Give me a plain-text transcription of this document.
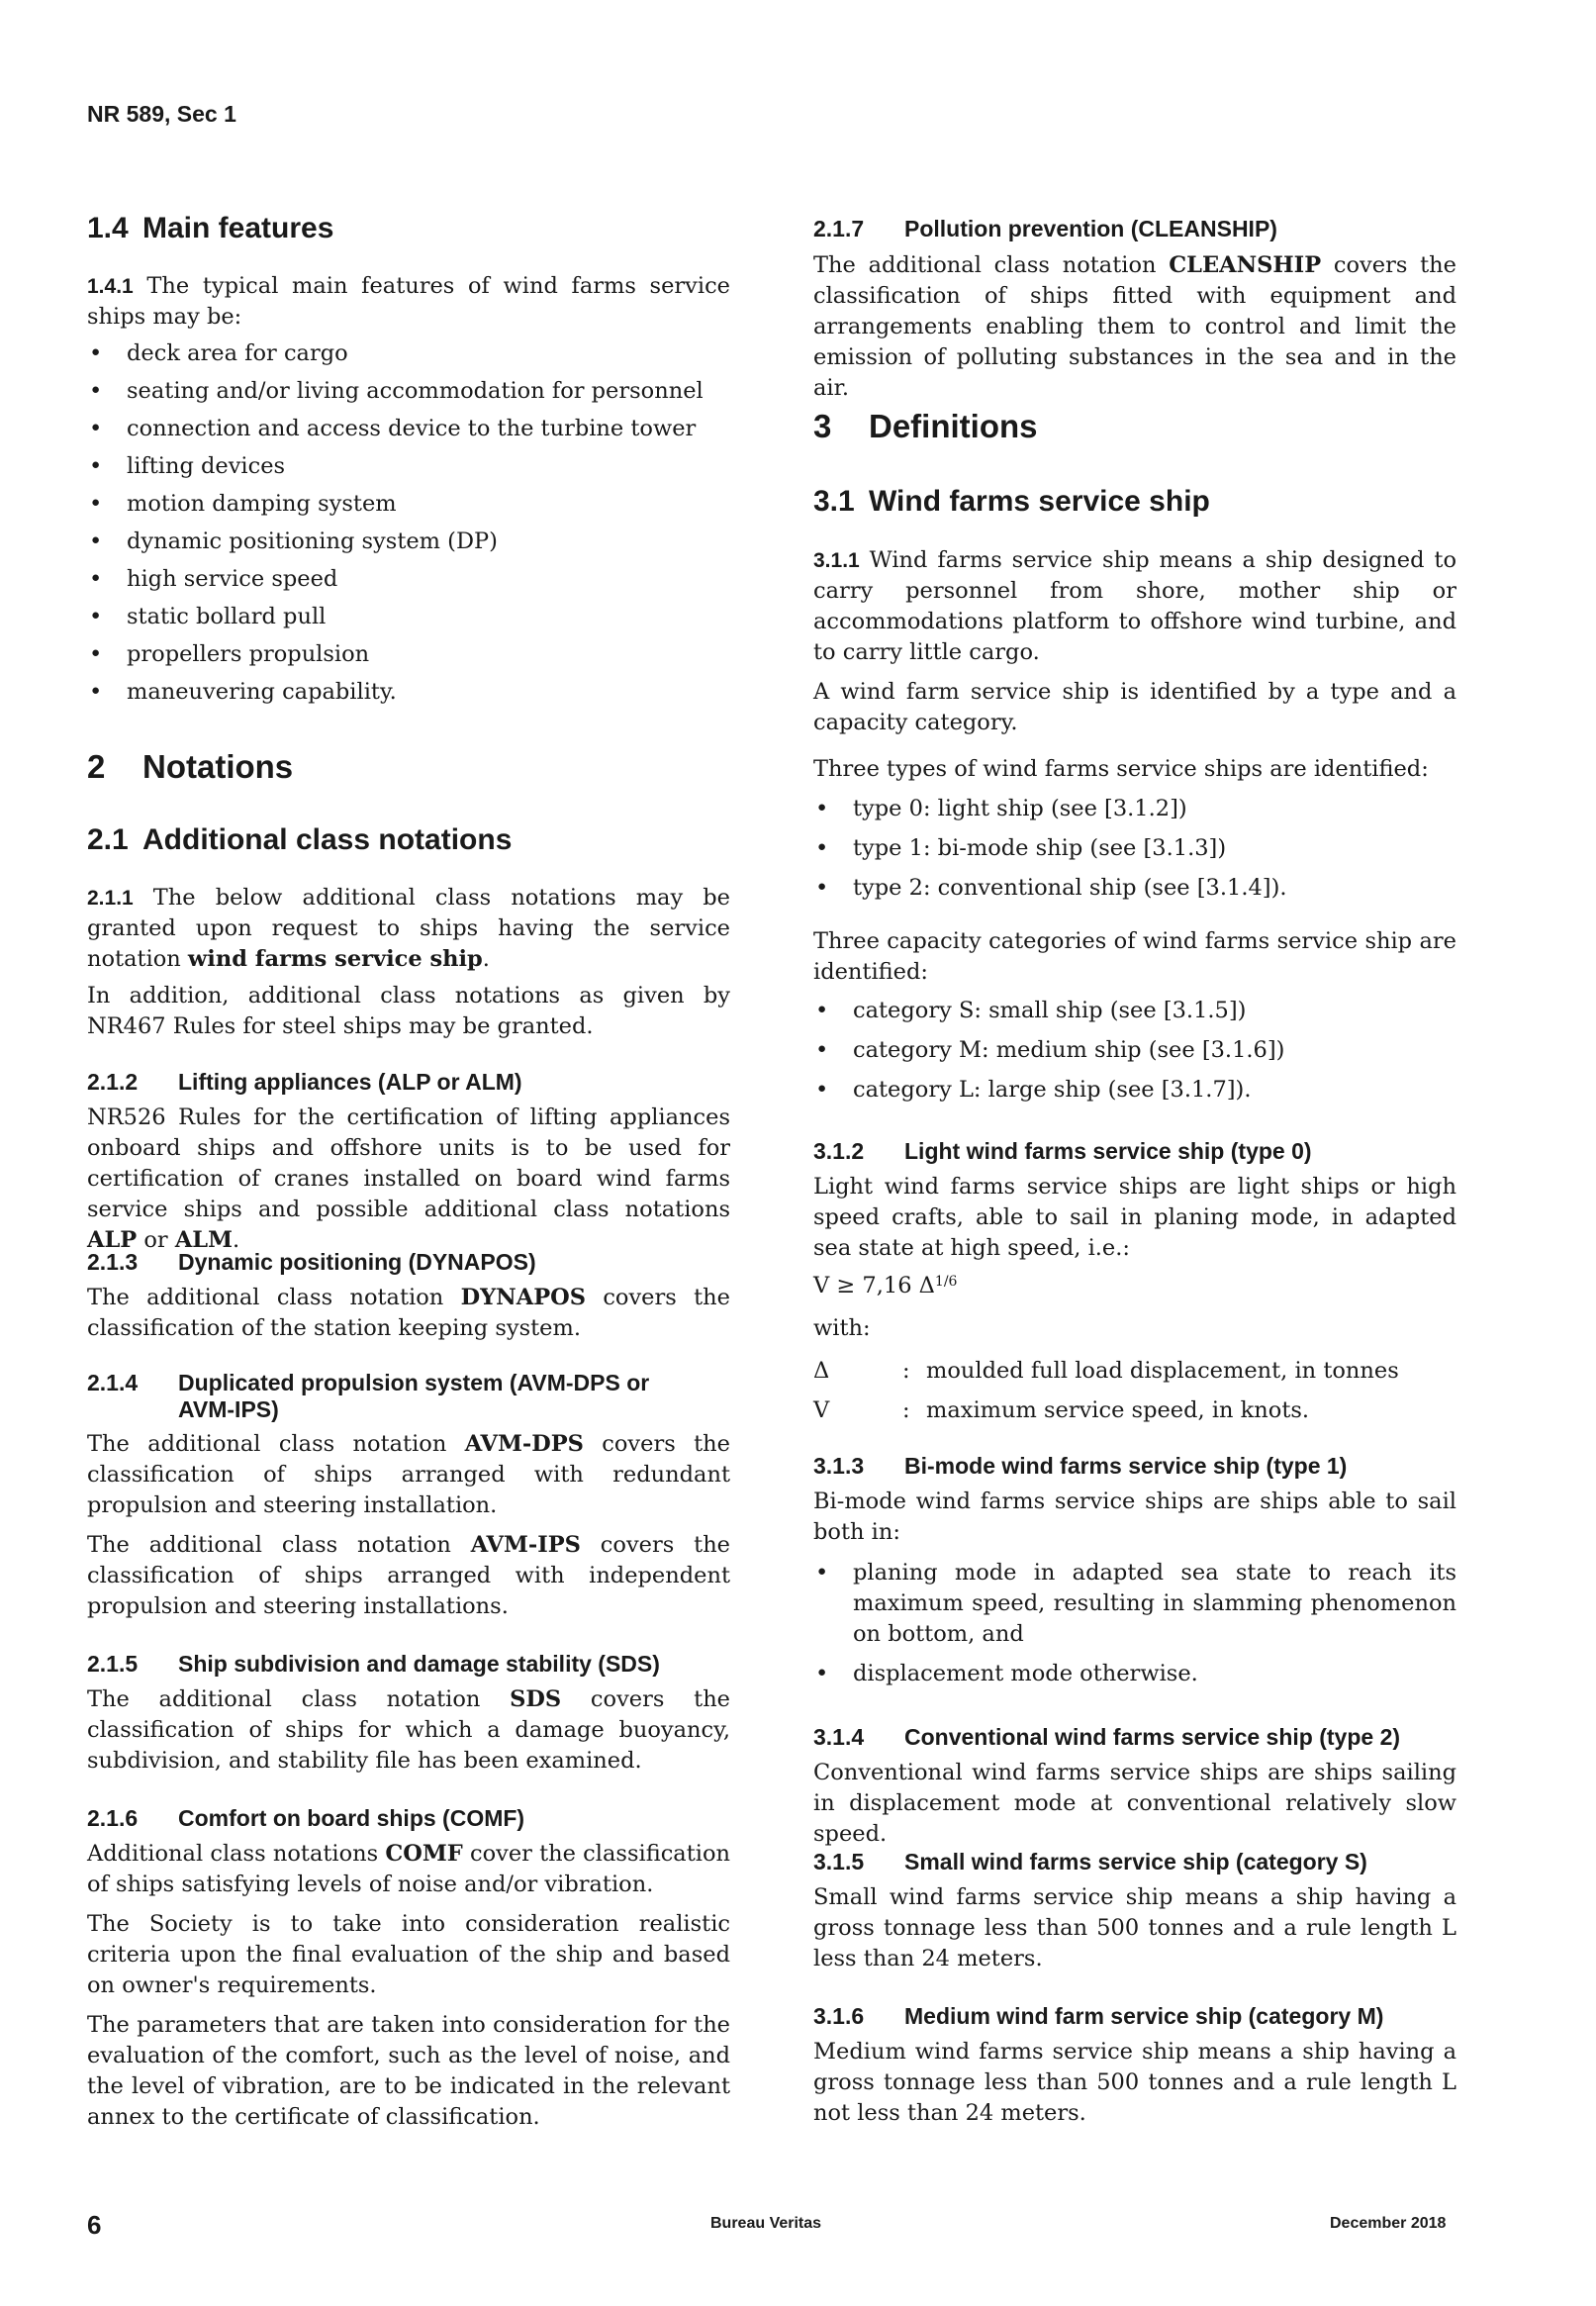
NR 589, Sec 1
1.4 Main features
1.4.1 The typical main features of wind farms service ships may be:
• deck area for cargo
• seating and/or living accommodation for personnel
• connection and access device to the turbine tower
• lifting devices
• motion damping system
• dynamic positioning system (DP)
• high service speed
• static bollard pull
• propellers propulsion
• maneuvering capability.
2 Notations
2.1 Additional class notations
2.1.1 The below additional class notations may be granted upon request to ships having the service notation wind farms service ship.
In addition, additional class notations as given by NR467 Rules for steel ships may be granted.
2.1.2 Lifting appliances (ALP or ALM)
NR526 Rules for the certification of lifting appliances onboard ships and offshore units is to be used for certification of cranes installed on board wind farms service ships and possible additional class notations ALP or ALM.
2.1.3 Dynamic positioning (DYNAPOS)
The additional class notation DYNAPOS covers the classification of the station keeping system.
2.1.4 Duplicated propulsion system (AVM-DPS or
AVM-IPS)
The additional class notation AVM-DPS covers the classification of ships arranged with redundant propulsion and steering installation.
The additional class notation AVM-IPS covers the classification of ships arranged with independent propulsion and steering installations.
2.1.5 Ship subdivision and damage stability (SDS)
The additional class notation SDS covers the classification of ships for which a damage buoyancy, subdivision, and stability file has been examined.
2.1.6 Comfort on board ships (COMF)
Additional class notations COMF cover the classification of ships satisfying levels of noise and/or vibration.
The Society is to take into consideration realistic criteria upon the final evaluation of the ship and based on owner's requirements.
The parameters that are taken into consideration for the evaluation of the comfort, such as the level of noise, and the level of vibration, are to be indicated in the relevant annex to the certificate of classification.
2.1.7 Pollution prevention (CLEANSHIP)
The additional class notation CLEANSHIP covers the classification of ships fitted with equipment and arrangements enabling them to control and limit the emission of polluting substances in the sea and in the air.
3 Definitions
3.1 Wind farms service ship
3.1.1 Wind farms service ship means a ship designed to carry personnel from shore, mother ship or accommodations platform to offshore wind turbine, and to carry little cargo.
A wind farm service ship is identified by a type and a capacity category.
Three types of wind farms service ships are identified:
• type 0: light ship (see [3.1.2])
• type 1: bi-mode ship (see [3.1.3])
• type 2: conventional ship (see [3.1.4]).
Three capacity categories of wind farms service ship are identified:
• category S: small ship (see [3.1.5])
• category M: medium ship (see [3.1.6])
• category L: large ship (see [3.1.7]).
3.1.2 Light wind farms service ship (type 0)
Light wind farms service ships are light ships or high speed crafts, able to sail in planing mode, in adapted sea state at high speed, i.e.:
V ≥ 7,16 $\Delta^{1/6}$
with:
Δ	: moulded full load displacement, in tonnes
V	: maximum service speed, in knots.
3.1.3 Bi-mode wind farms service ship (type 1)
Bi-mode wind farms service ships are ships able to sail both in:
• planing mode in adapted sea state to reach its maximum speed, resulting in slamming phenomenon on bottom, and
• displacement mode otherwise.
3.1.4 Conventional wind farms service ship (type 2)
Conventional wind farms service ships are ships sailing in displacement mode at conventional relatively slow speed.
3.1.5 Small wind farms service ship (category S)
Small wind farms service ship means a ship having a gross tonnage less than 500 tonnes and a rule length L less than 24 meters.
3.1.6 Medium wind farm service ship (category M)
Medium wind farms service ship means a ship having a gross tonnage less than 500 tonnes and a rule length L not less than 24 meters.
6	Bureau Veritas	December 2018
